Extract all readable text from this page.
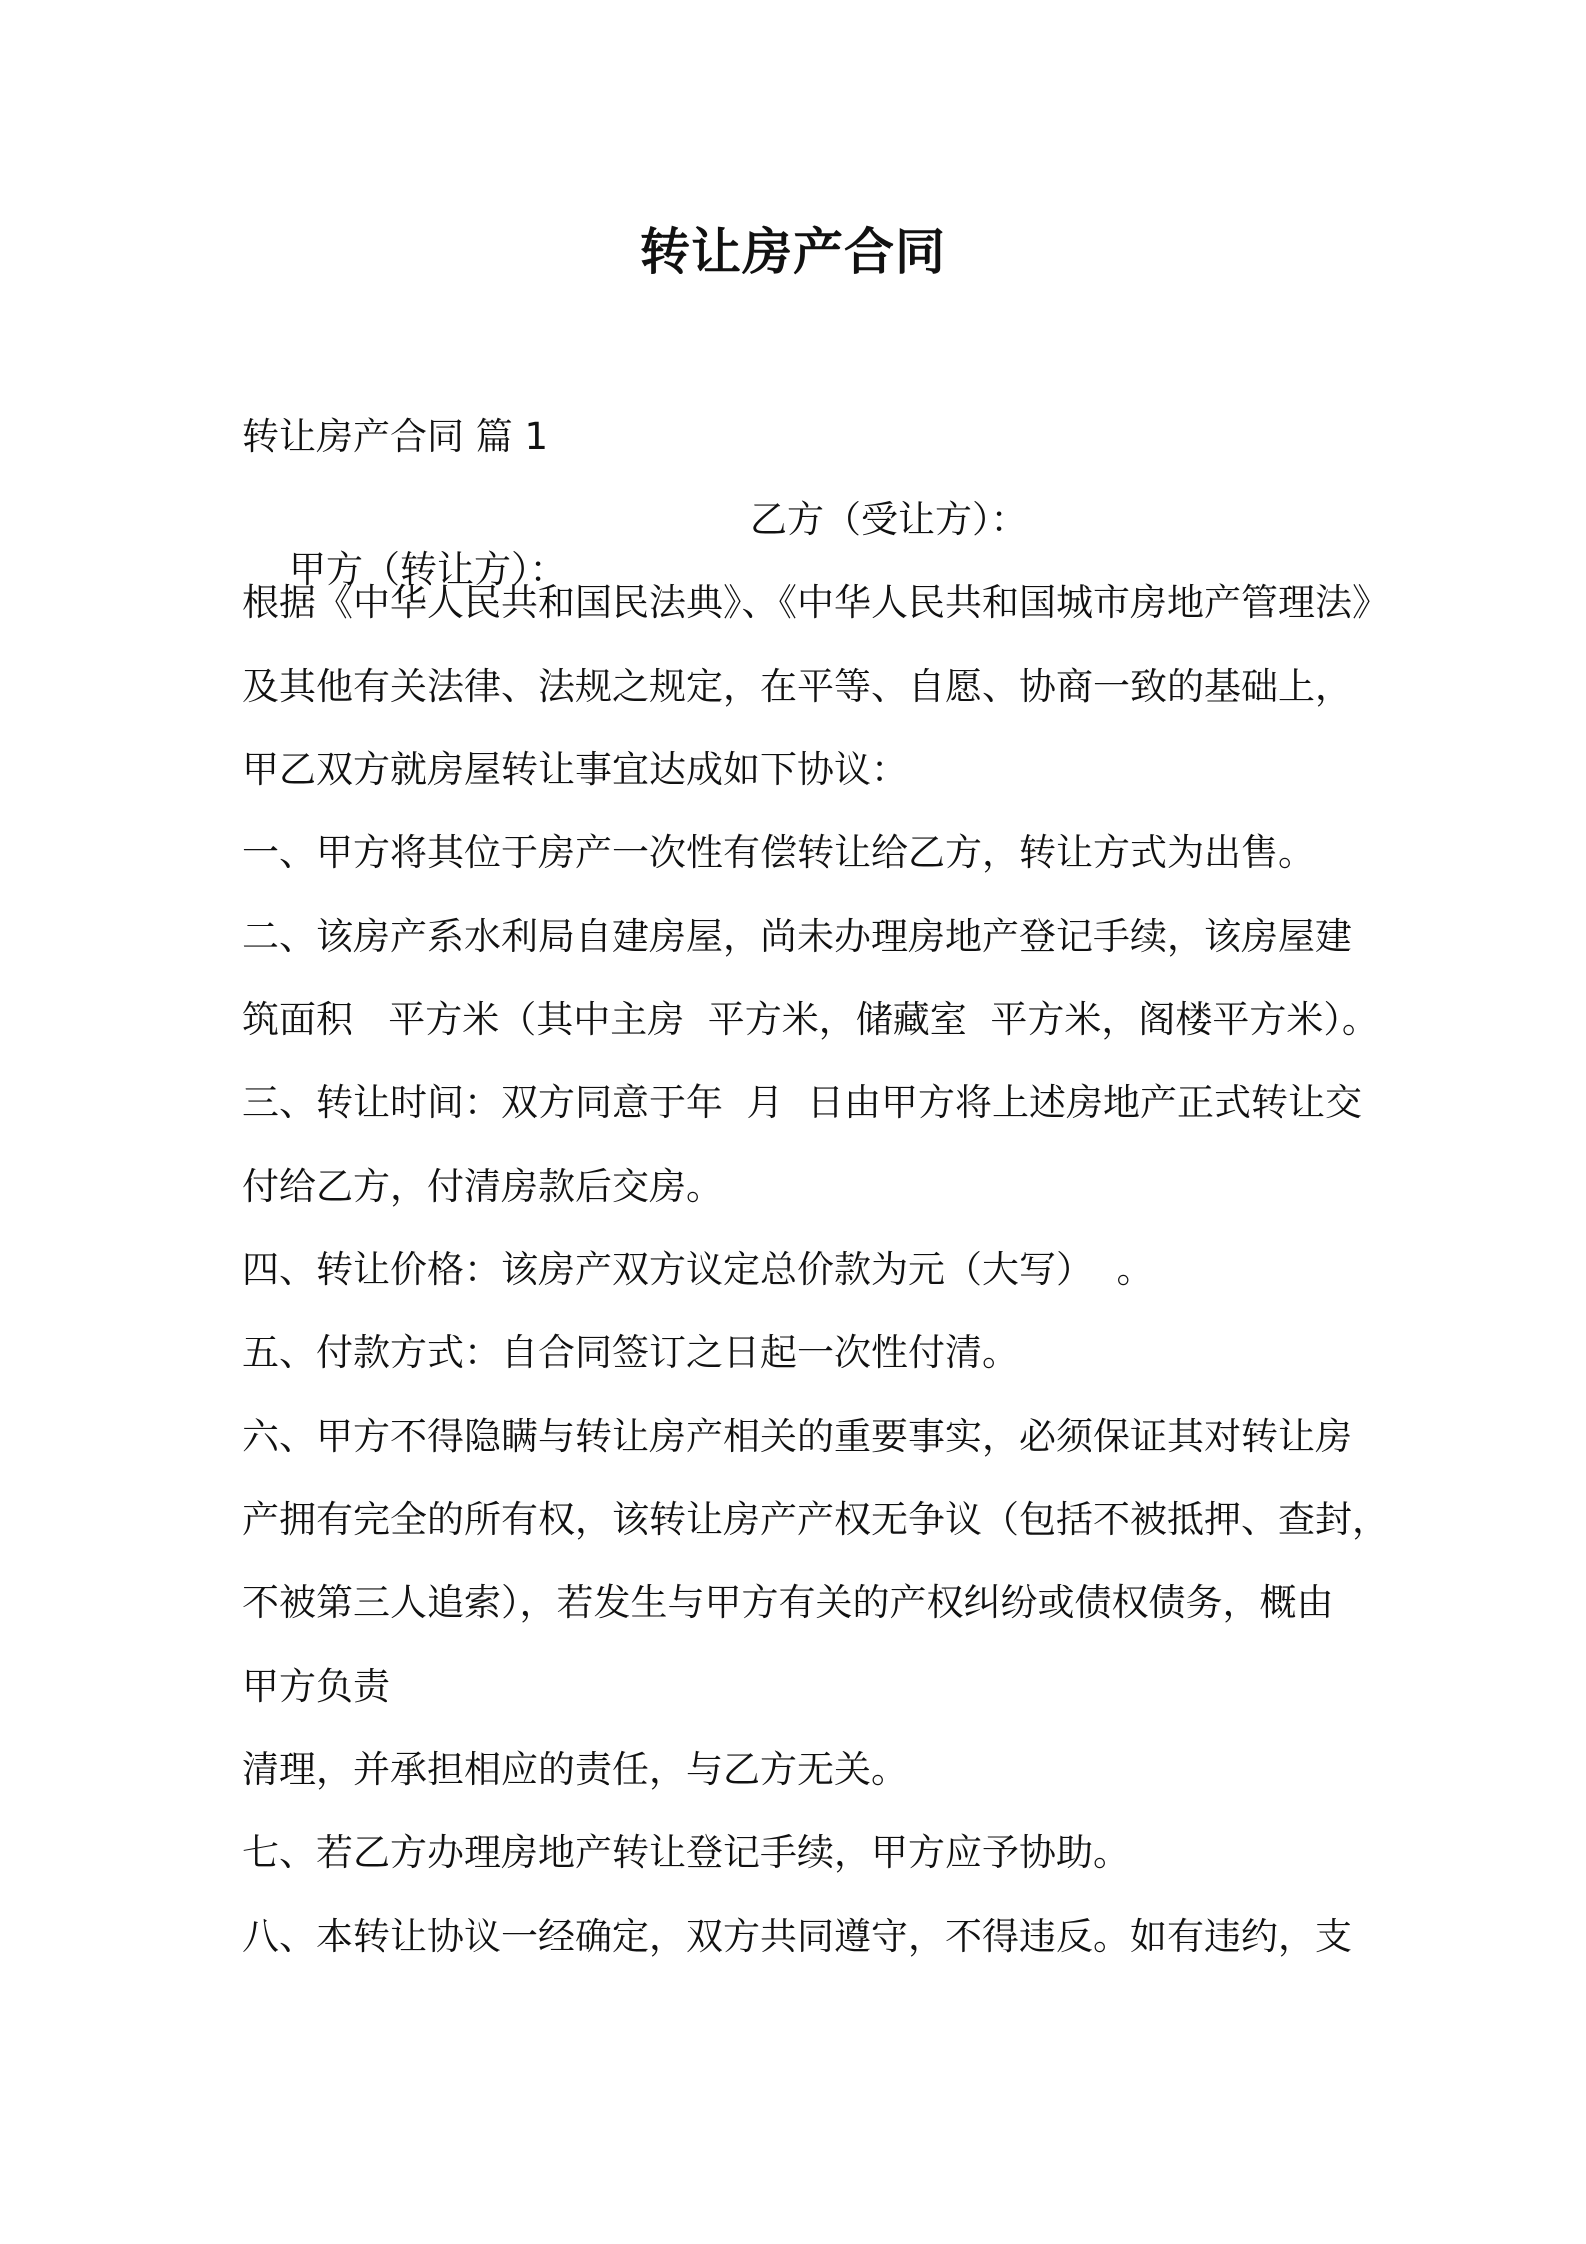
转让房产合同

转让房产合同 篇 1

甲方（转让方）：

乙方（受让方）：

根据《中华人民共和国民法典》、《中华人民共和国城市房地产管理法》

及其他有关法律、法规之规定，在平等、自愿、协商一致的基础上，

甲乙双方就房屋转让事宜达成如下协议：

一、甲方将其位于房产一次性有偿转让给乙方，转让方式为出售。

二、该房产系水利局自建房屋，尚未办理房地产登记手续，该房屋建

筑面积   平方米（其中主房  平方米，储藏室  平方米，阁楼平方米）。

三、转让时间：双方同意于年  月  日由甲方将上述房地产正式转让交

付给乙方，付清房款后交房。

四、转让价格：该房产双方议定总价款为元（大写）  。

五、付款方式：自合同签订之日起一次性付清。

六、甲方不得隐瞒与转让房产相关的重要事实，必须保证其对转让房

产拥有完全的所有权，该转让房产产权无争议（包括不被抵押、查封，

不被第三人追索），若发生与甲方有关的产权纠纷或债权债务，概由

甲方负责

清理，并承担相应的责任，与乙方无关。

七、若乙方办理房地产转让登记手续，甲方应予协助。

八、本转让协议一经确定，双方共同遵守，不得违反。如有违约，支
